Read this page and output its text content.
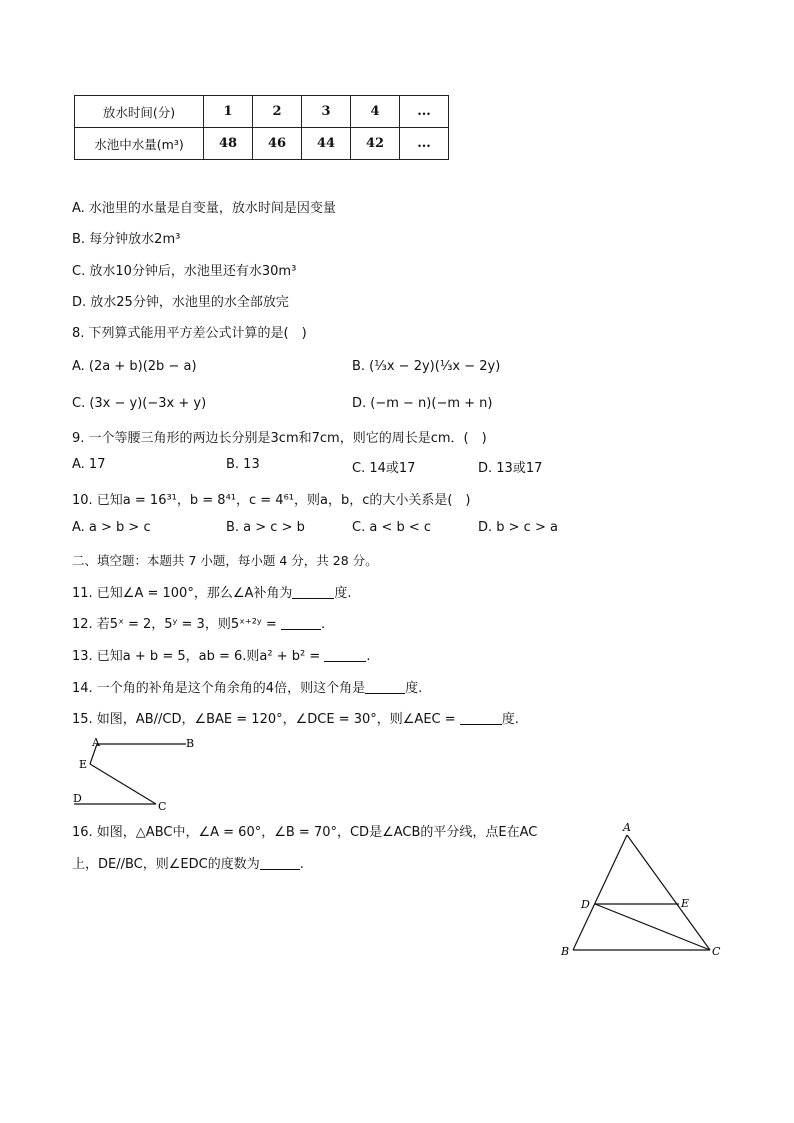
放水时间(分)	1	2	3	4	...
水池中水量(m³)	48	46	44	42	...
A. 水池里的水量是自变量，放水时间是因变量
B. 每分钟放水2m³
C. 放水10分钟后，水池里还有水30m³
D. 放水25分钟，水池里的水全部放完
8. 下列算式能用平方差公式计算的是(　)
A. (2a + b)(2b − a)	B. (⅓x − 2y)(⅓x − 2y)
C. (3x − y)(−3x + y)	D. (−m − n)(−m + n)
9. 一个等腰三角形的两边长分别是3cm和7cm，则它的周长是cm．(　)
A. 17	B. 13	C. 14或17	D. 13或17
10. 已知a = 16³¹，b = 8⁴¹，c = 4⁶¹，则a，b，c的大小关系是(　)
A. a > b > c	B. a > c > b	C. a < b < c	D. b > c > a
二、填空题：本题共 7 小题，每小题 4 分，共 28 分。
11. 已知∠A = 100°，那么∠A补角为	度.
12. 若5ˣ = 2，5ʸ = 3，则5ˣ⁺²ʸ =	.
13. 已知a + b = 5，ab = 6.则a² + b² =	.
14. 一个角的补角是这个角余角的4倍，则这个角是	度.
15. 如图，AB//CD，∠BAE = 120°，∠DCE = 30°，则∠AEC =	度.
A	B
E
D
C
16. 如图，△ABC中，∠A = 60°，∠B = 70°，CD是∠ACB的平分线，点E在AC
上，DE//BC，则∠EDC的度数为	.
A
B	C
D	E
